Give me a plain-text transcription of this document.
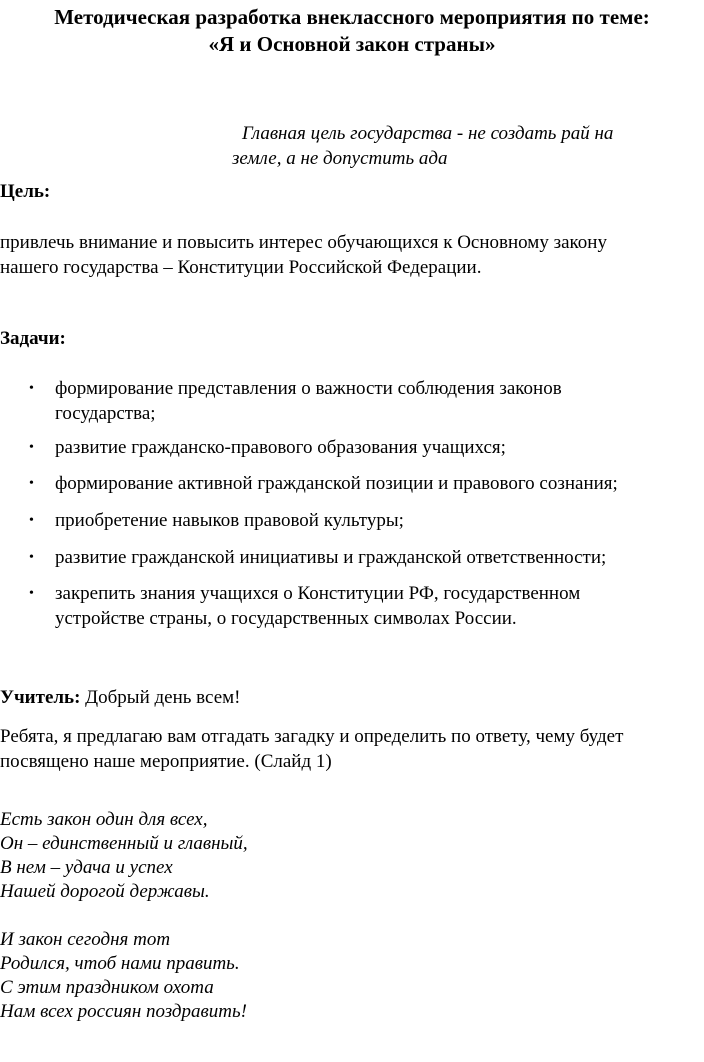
Методическая разработка внеклассного мероприятия по теме:
«Я и Основной закон страны»
Главная цель государства - не создать рай на
земле, а не допустить ада
Цель:
привлечь внимание и повысить интерес обучающихся к Основному закону
нашего государства – Конституции Российской Федерации.
Задачи:
• формирование представления о важности соблюдения законов
государства;
• развитие гражданско-правового образования учащихся;
• формирование активной гражданской позиции и правового сознания;
• приобретение навыков правовой культуры;
• развитие гражданской инициативы и гражданской ответственности;
• закрепить знания учащихся о Конституции РФ, государственном
устройстве страны, о государственных символах России.
Учитель: Добрый день всем!
Ребята, я предлагаю вам отгадать загадку и определить по ответу, чему будет
посвящено наше мероприятие. (Слайд 1)
Есть закон один для всех,
Он – единственный и главный,
В нем – удача и успех
Нашей дорогой державы.
И закон сегодня тот
Родился, чтоб нами править.
С этим праздником охота
Нам всех россиян поздравить!
